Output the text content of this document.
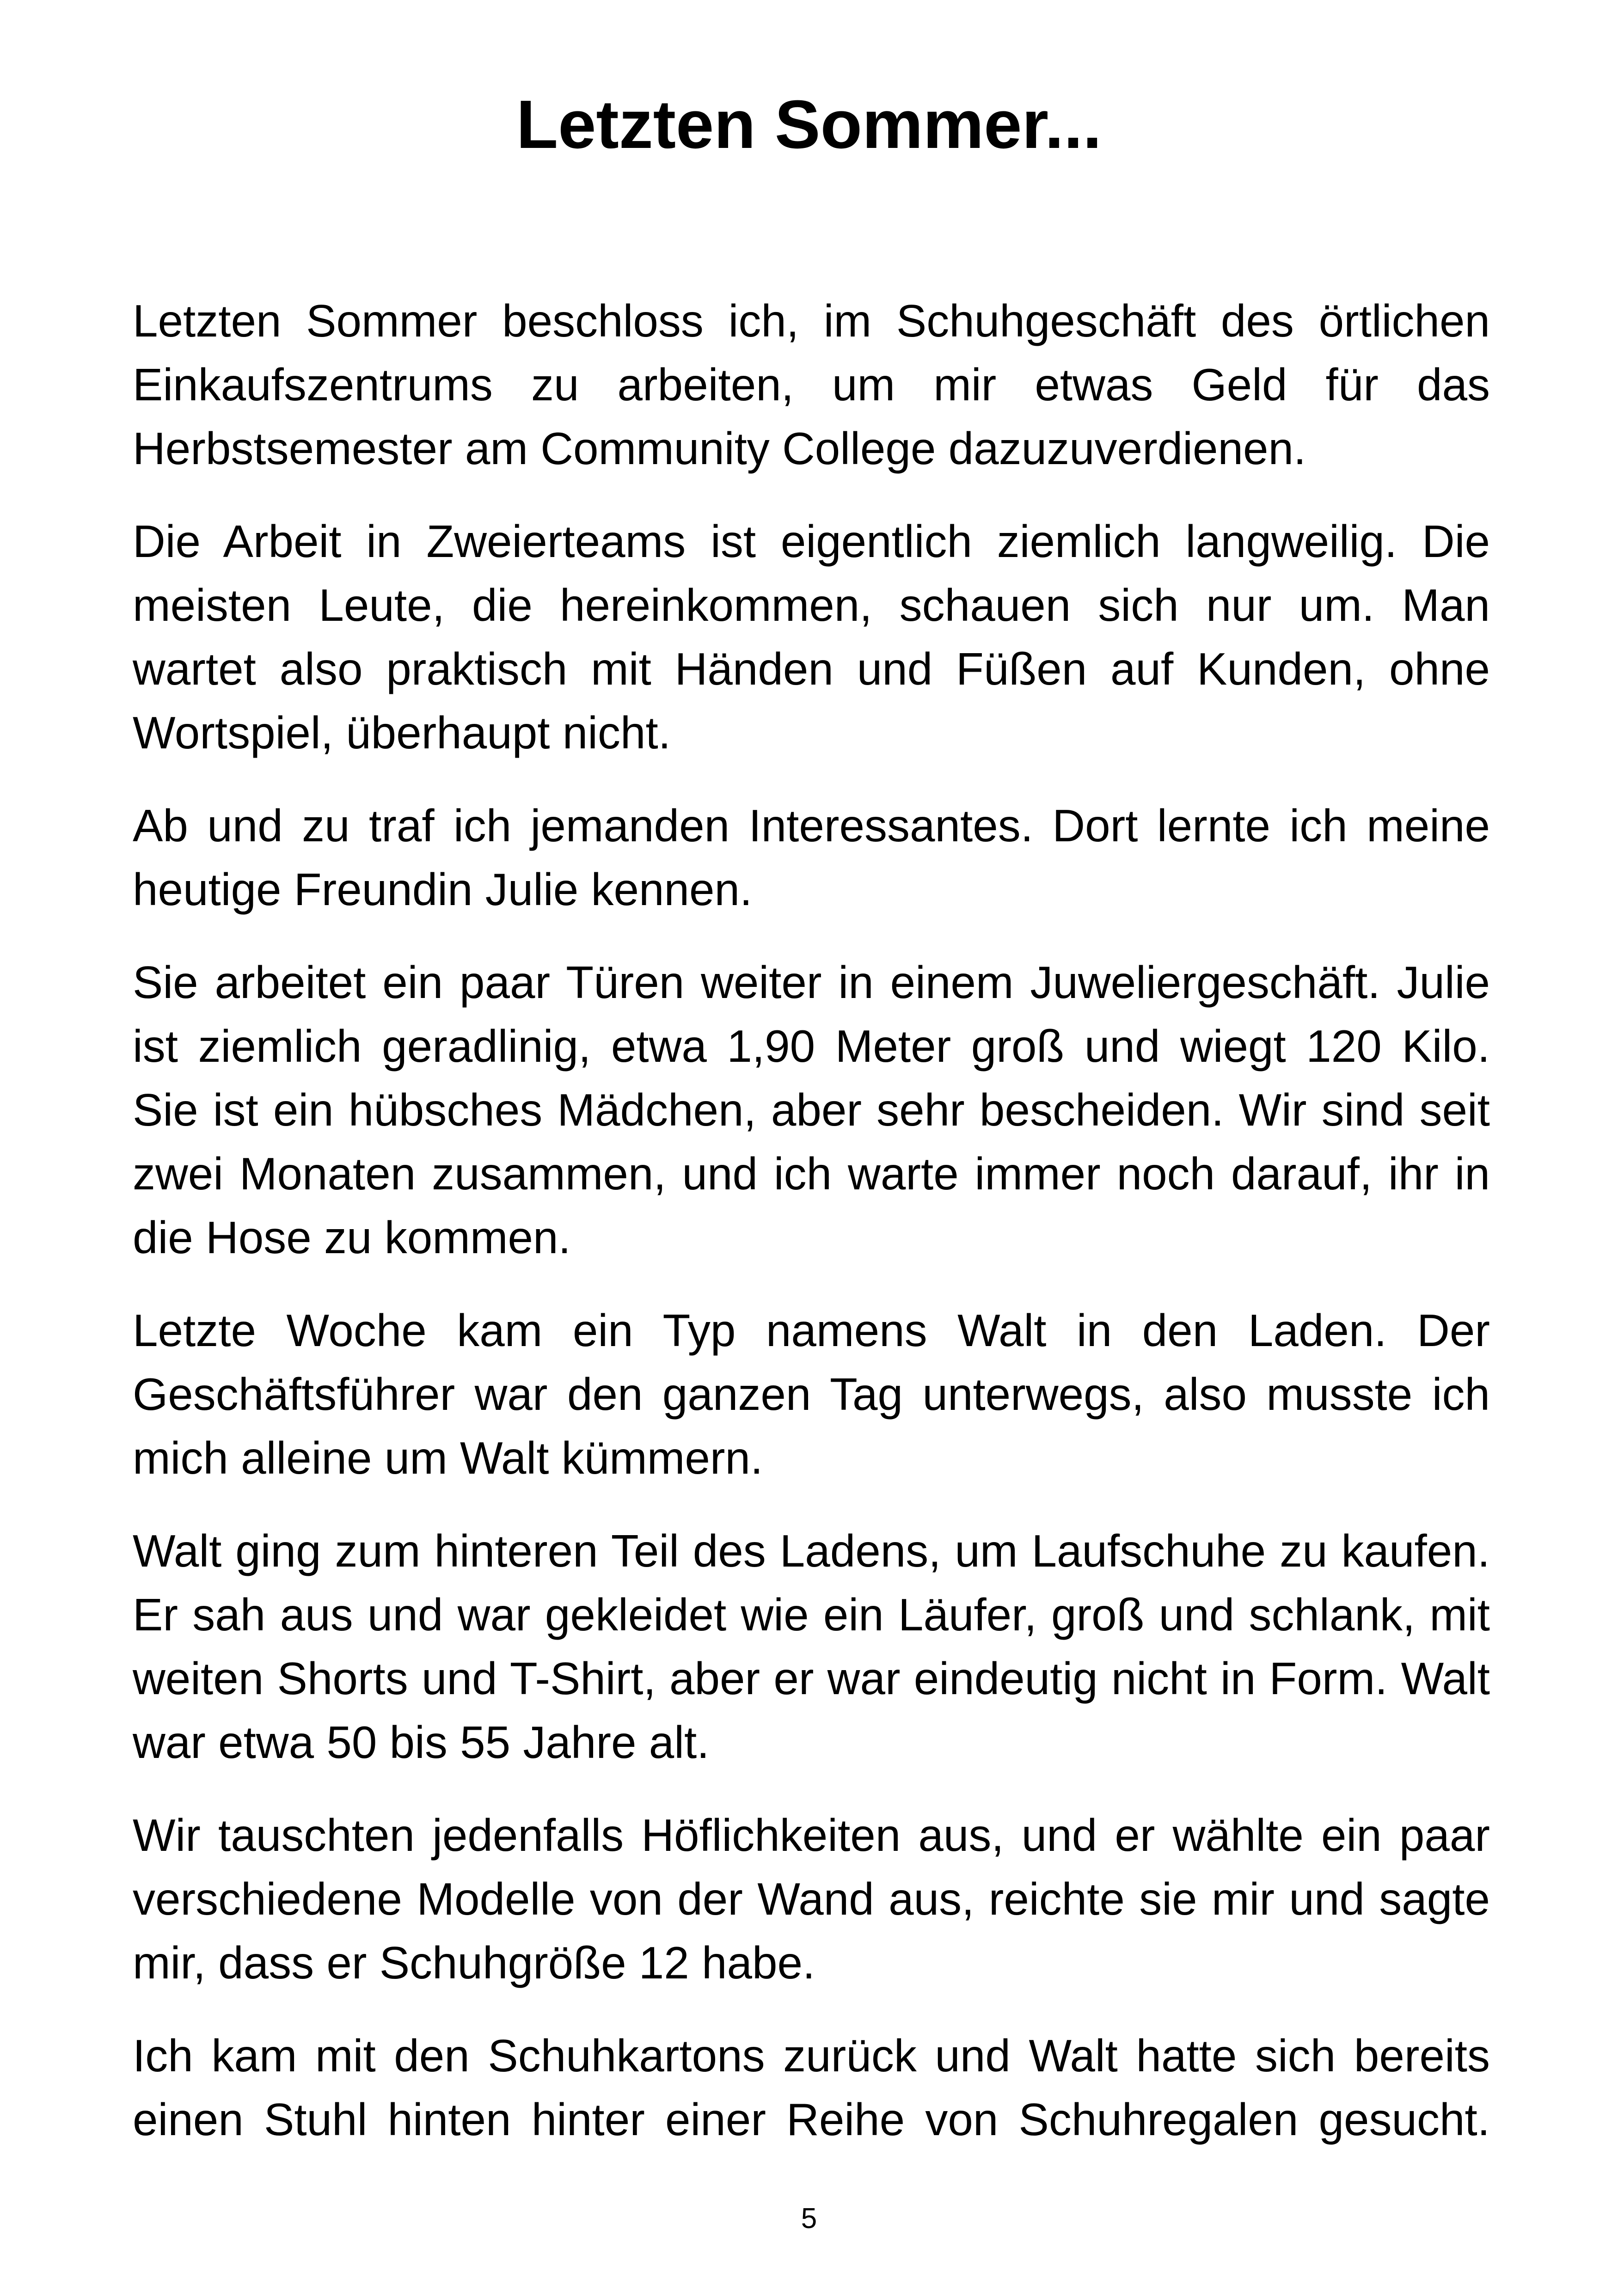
Letzten Sommer...

Letzten Sommer beschloss ich, im Schuhgeschäft des örtlichen Einkaufszentrums zu arbeiten, um mir etwas Geld für das Herbstsemester am Community College dazuzuverdienen.

Die Arbeit in Zweierteams ist eigentlich ziemlich langweilig. Die meisten Leute, die hereinkommen, schauen sich nur um. Man wartet also praktisch mit Händen und Füßen auf Kunden, ohne Wortspiel, überhaupt nicht.

Ab und zu traf ich jemanden Interessantes. Dort lernte ich meine heutige Freundin Julie kennen.

Sie arbeitet ein paar Türen weiter in einem Juweliergeschäft. Julie ist ziemlich geradlinig, etwa 1,90 Meter groß und wiegt 120 Kilo. Sie ist ein hübsches Mädchen, aber sehr bescheiden. Wir sind seit zwei Monaten zusammen, und ich warte immer noch darauf, ihr in die Hose zu kommen.

Letzte Woche kam ein Typ namens Walt in den Laden. Der Geschäftsführer war den ganzen Tag unterwegs, also musste ich mich alleine um Walt kümmern.

Walt ging zum hinteren Teil des Ladens, um Laufschuhe zu kaufen. Er sah aus und war gekleidet wie ein Läufer, groß und schlank, mit weiten Shorts und T-Shirt, aber er war eindeutig nicht in Form. Walt war etwa 50 bis 55 Jahre alt.

Wir tauschten jedenfalls Höflichkeiten aus, und er wählte ein paar verschiedene Modelle von der Wand aus, reichte sie mir und sagte mir, dass er Schuhgröße 12 habe.

Ich kam mit den Schuhkartons zurück und Walt hatte sich bereits einen Stuhl hinten hinter einer Reihe von Schuhregalen gesucht.

5
